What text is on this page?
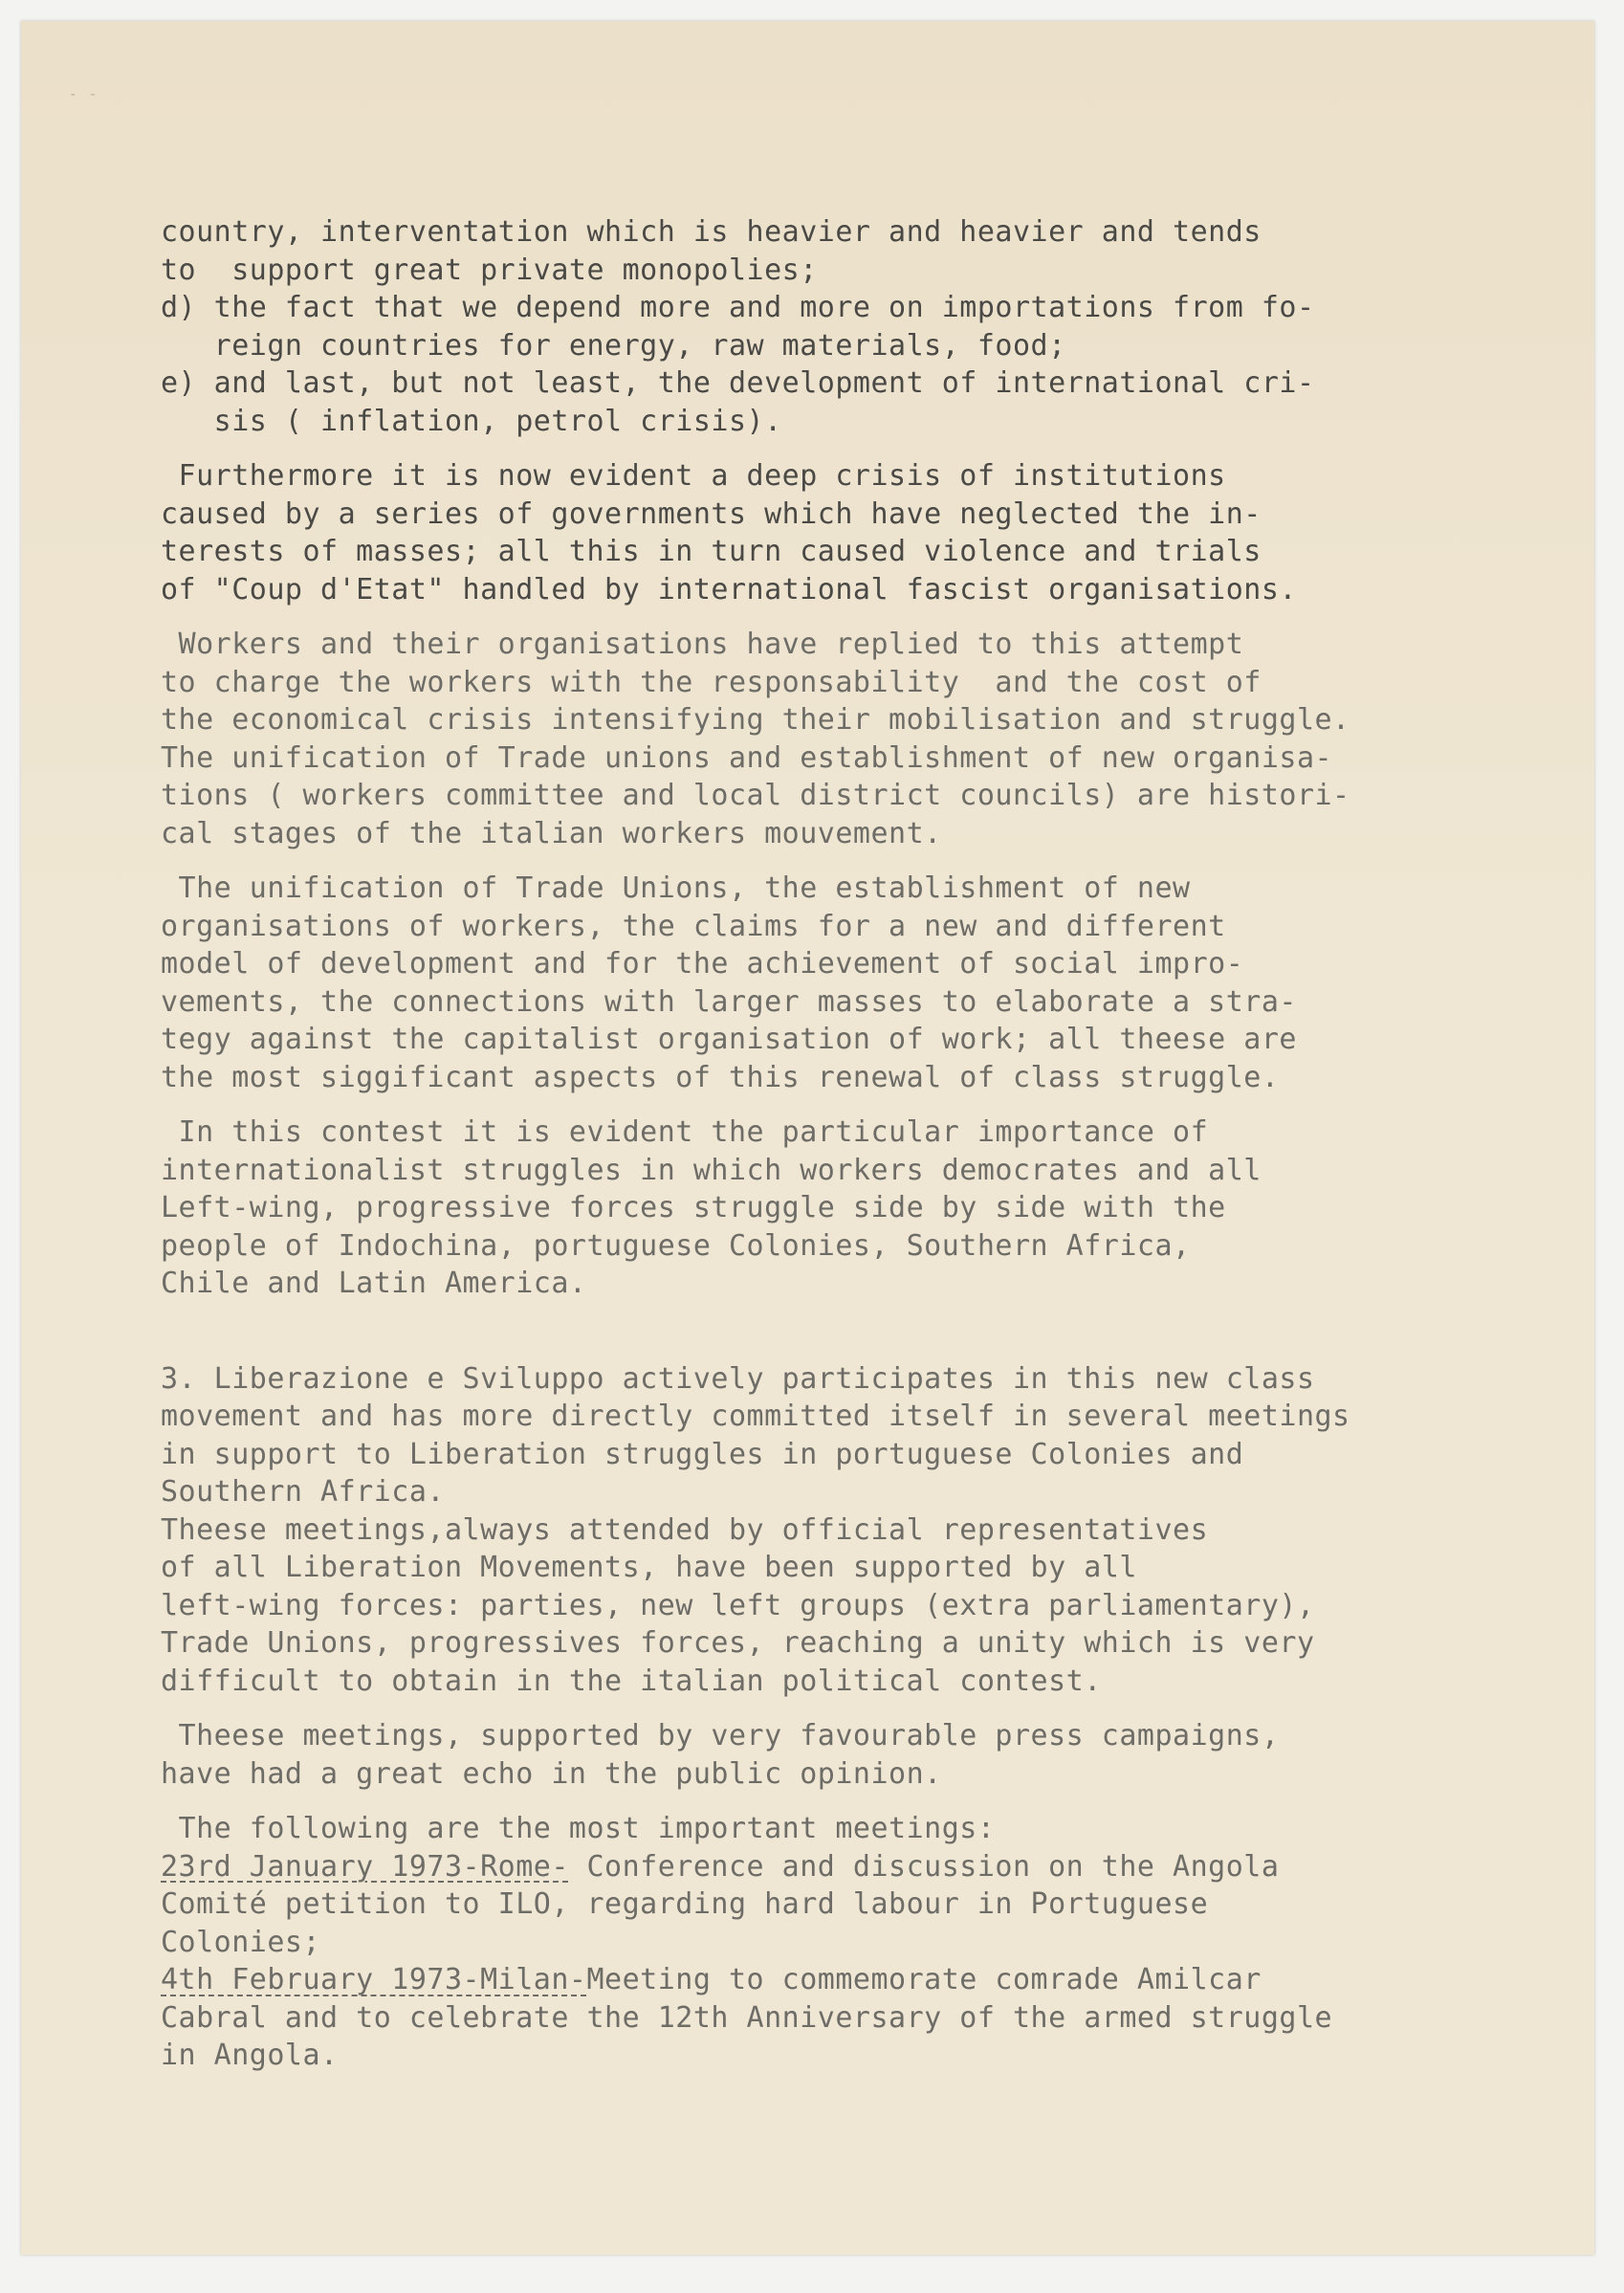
- -
country, interventation which is heavier and heavier and tends
to  support great private monopolies;
d) the fact that we depend more and more on importations from fo-
reign countries for energy, raw materials, food;
e) and last, but not least, the development of international cri-
sis ( inflation, petrol crisis).
Furthermore it is now evident a deep crisis of institutions
caused by a series of governments which have neglected the in-
terests of masses; all this in turn caused violence and trials
of "Coup d'Etat" handled by international fascist organisations.
Workers and their organisations have replied to this attempt
to charge the workers with the responsability  and the cost of
the economical crisis intensifying their mobilisation and struggle.
The unification of Trade unions and establishment of new organisa-
tions ( workers committee and local district councils) are histori-
cal stages of the italian workers mouvement.
The unification of Trade Unions, the establishment of new
organisations of workers, the claims for a new and different
model of development and for the achievement of social impro-
vements, the connections with larger masses to elaborate a stra-
tegy against the capitalist organisation of work; all theese are
the most siggificant aspects of this renewal of class struggle.
In this contest it is evident the particular importance of
internationalist struggles in which workers democrates and all
Left-wing, progressive forces struggle side by side with the
people of Indochina, portuguese Colonies, Southern Africa,
Chile and Latin America.
3. Liberazione e Sviluppo actively participates in this new class
movement and has more directly committed itself in several meetings
in support to Liberation struggles in portuguese Colonies and
Southern Africa.
Theese meetings,always attended by official representatives
of all Liberation Movements, have been supported by all
left-wing forces: parties, new left groups (extra parliamentary),
Trade Unions, progressives forces, reaching a unity which is very
difficult to obtain in the italian political contest.
Theese meetings, supported by very favourable press campaigns,
have had a great echo in the public opinion.
The following are the most important meetings:
23rd January 1973-Rome- Conference and discussion on the Angola
Comité petition to ILO, regarding hard labour in Portuguese
Colonies;
4th February 1973-Milan-Meeting to commemorate comrade Amilcar
Cabral and to celebrate the 12th Anniversary of the armed struggle
in Angola.
